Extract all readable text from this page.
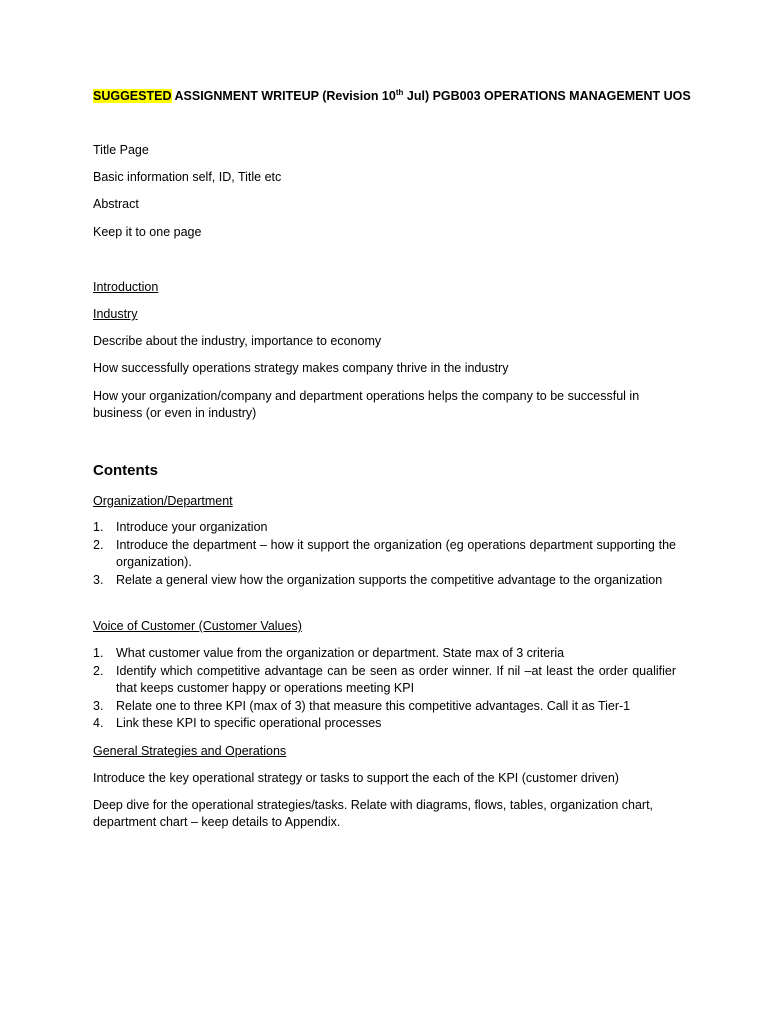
SUGGESTED ASSIGNMENT WRITEUP (Revision 10th Jul) PGB003 OPERATIONS MANAGEMENT UOS
Title Page
Basic information self, ID, Title etc
Abstract
Keep it to one page
Introduction
Industry
Describe about the industry, importance to economy
How successfully operations strategy makes company thrive in the industry
How your organization/company and department operations helps the company to be successful in business (or even in industry)
Contents
Organization/Department
1. Introduce your organization
2. Introduce the department – how it support the organization (eg operations department supporting the organization).
3. Relate a general view how the organization supports the competitive advantage to the organization
Voice of Customer (Customer Values)
1. What customer value from the organization or department. State max of 3 criteria
2. Identify which competitive advantage can be seen as order winner. If nil –at least the order qualifier that keeps customer happy or operations meeting KPI
3. Relate one to three KPI (max of 3) that measure this competitive advantages. Call it as Tier-1
4. Link these KPI to specific operational processes
General Strategies and Operations
Introduce the key operational strategy or tasks to support the each of the KPI (customer driven)
Deep dive for the operational strategies/tasks. Relate with diagrams, flows, tables, organization chart, department chart – keep details to Appendix.
